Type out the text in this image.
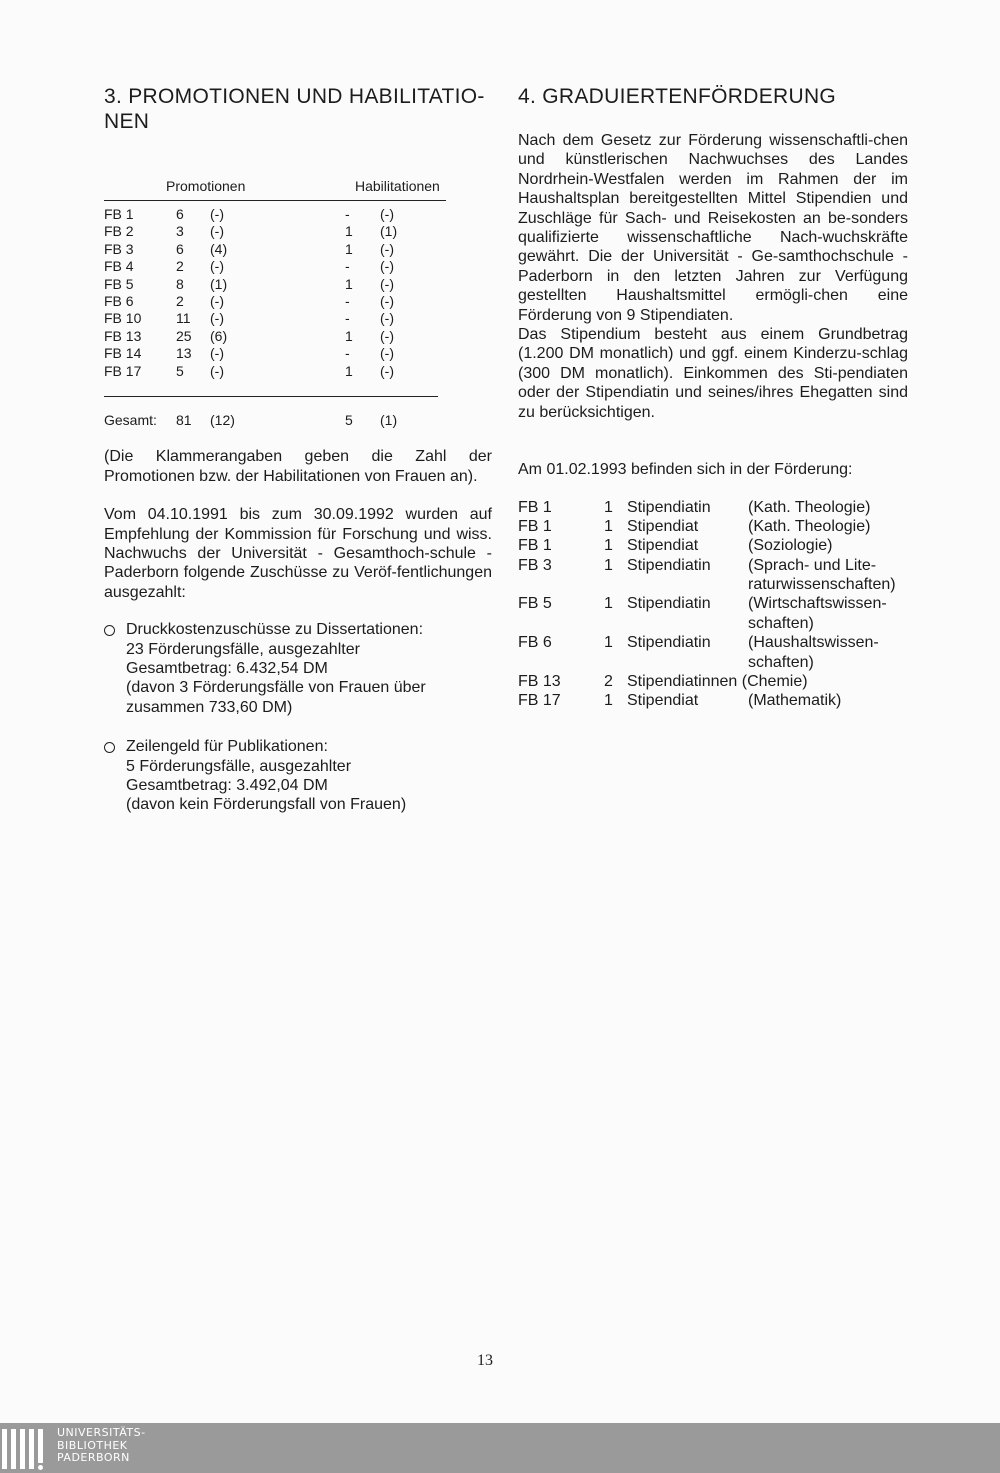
3. PROMOTIONEN UND HABILITATIO-
NEN
Promotionen	Habilitationen
FB 1	6 (-)	- (-)
FB 2	3 (-)	1 (1)
FB 3	6 (4)	1 (-)
FB 4	2 (-)	- (-)
FB 5	8 (1)	1 (-)
FB 6	2 (-)	- (-)
FB 10 11 (-)	- (-)
FB 13 25 (6)	1 (-)
FB 14 13 (-)	- (-)
FB 17 5 (-)	1 (-)
Gesamt: 81 (12)	5 (1)

(Die Klammerangaben geben die Zahl der Promotionen bzw. der Habilitationen von Frauen an).

Vom 04.10.1991 bis zum 30.09.1992 wurden auf Empfehlung der Kommission für Forschung und wiss. Nachwuchs der Universität - Gesamthoch-schule - Paderborn folgende Zuschüsse zu Veröf-fentlichungen ausgezahlt:

Druckkostenzuschüsse zu Dissertationen:
23 Förderungsfälle, ausgezahlter
Gesamtbetrag: 6.432,54 DM
(davon 3 Förderungsfälle von Frauen über
zusammen 733,60 DM)
Zeilengeld für Publikationen:
5 Förderungsfälle, ausgezahlter
Gesamtbetrag: 3.492,04 DM
(davon kein Förderungsfall von Frauen)
4. GRADUIERTENFÖRDERUNG

Nach dem Gesetz zur Förderung wissenschaftli-chen und künstlerischen Nachwuchses des Landes Nordrhein-Westfalen werden im Rahmen der im Haushaltsplan bereitgestellten Mittel Stipendien und Zuschläge für Sach- und Reisekosten an be-sonders qualifizierte wissenschaftliche Nach-wuchskräfte gewährt. Die der Universität - Ge-samthochschule - Paderborn in den letzten Jahren zur Verfügung gestellten Haushaltsmittel ermögli-chen eine Förderung von 9 Stipendiaten.

Das Stipendium besteht aus einem Grundbetrag (1.200 DM monatlich) und ggf. einem Kinderzu-schlag (300 DM monatlich). Einkommen des Sti-pendiaten oder der Stipendiatin und seines/ihres Ehegatten sind zu berücksichtigen.

Am 01.02.1993 befinden sich in der Förderung:

FB 1	1 Stipendiatin (Kath. Theologie)
FB 1	1 Stipendiat	(Kath. Theologie)
FB 1	1 Stipendiat	(Soziologie)
FB 3	1 Stipendiatin (Sprach- und Lite-
raturwissenschaften)
FB 5	1 Stipendiatin (Wirtschaftswissen-
schaften)
FB 6	1 Stipendiatin (Haushaltswissen-
schaften)
FB 13	2 Stipendiatinnen (Chemie)
FB 17	1 Stipendiat	(Mathematik)
13
UNIVERSITÄTS-
BIBLIOTHEK
PADERBORN
